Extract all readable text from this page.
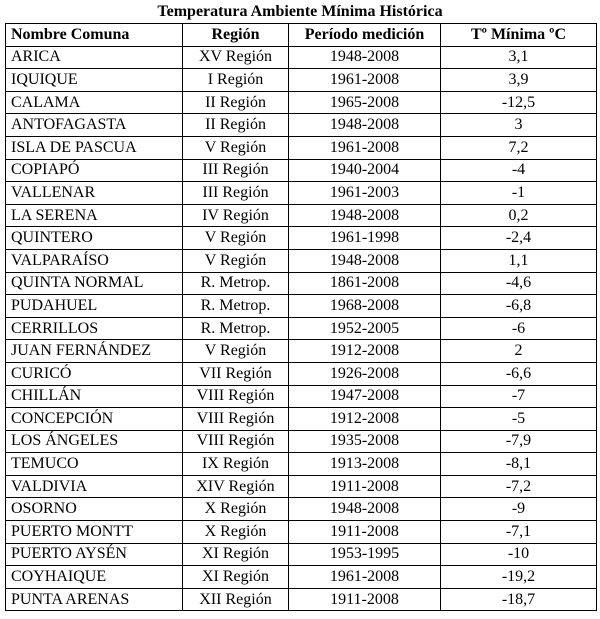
Temperatura Ambiente Mínima Histórica
Nombre Comuna	Región	Período medición	Tº Mínima ºC
ARICA	XV Región	1948-2008	3,1
IQUIQUE	I Región	1961-2008	3,9
CALAMA	II Región	1965-2008	-12,5
ANTOFAGASTA	II Región	1948-2008	3
ISLA DE PASCUA	V Región	1961-2008	7,2
COPIAPÓ	III Región	1940-2004	-4
VALLENAR	III Región	1961-2003	-1
LA SERENA	IV Región	1948-2008	0,2
QUINTERO	V Región	1961-1998	-2,4
VALPARAÍSO	V Región	1948-2008	1,1
QUINTA NORMAL	R. Metrop.	1861-2008	-4,6
PUDAHUEL	R. Metrop.	1968-2008	-6,8
CERRILLOS	R. Metrop.	1952-2005	-6
JUAN FERNÁNDEZ	V Región	1912-2008	2
CURICÓ	VII Región	1926-2008	-6,6
CHILLÁN	VIII Región	1947-2008	-7
CONCEPCIÓN	VIII Región	1912-2008	-5
LOS ÁNGELES	VIII Región	1935-2008	-7,9
TEMUCO	IX Región	1913-2008	-8,1
VALDIVIA	XIV Región	1911-2008	-7,2
OSORNO	X Región	1948-2008	-9
PUERTO MONTT	X Región	1911-2008	-7,1
PUERTO AYSÉN	XI Región	1953-1995	-10
COYHAIQUE	XI Región	1961-2008	-19,2
PUNTA ARENAS	XII Región	1911-2008	-18,7
